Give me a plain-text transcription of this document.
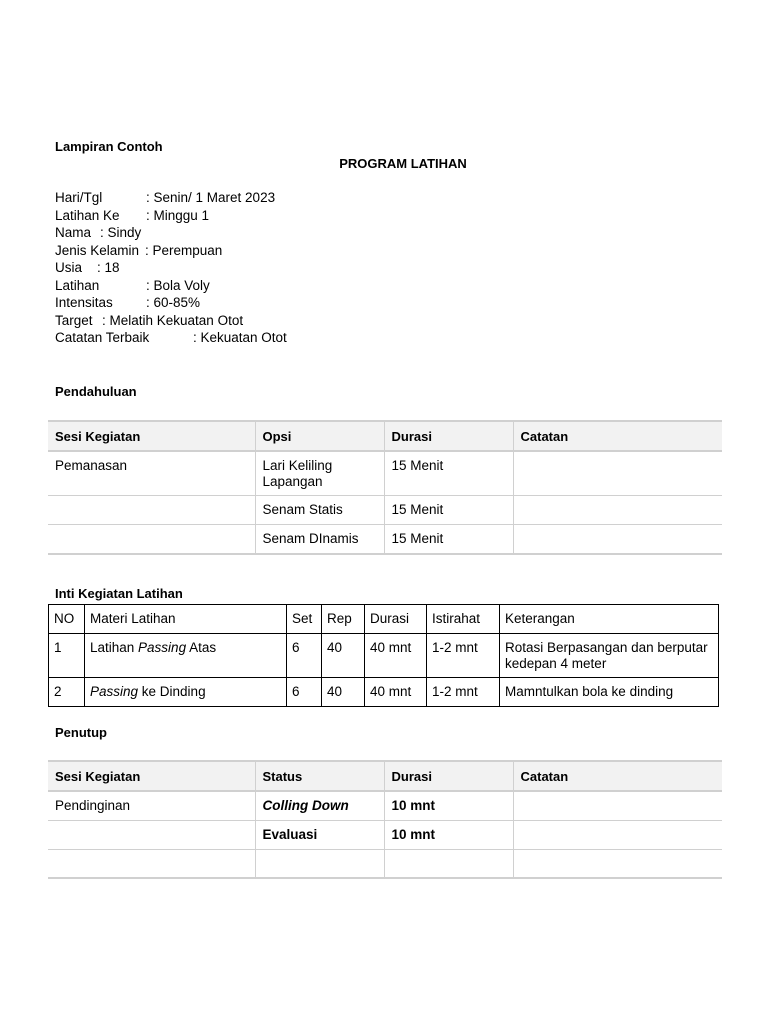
Lampiran Contoh
PROGRAM LATIHAN
Hari/Tgl	: Senin/ 1 Maret 2023
Latihan Ke : Minggu 1
Nama : Sindy
Jenis Kelamin : Perempuan
Usia : 18
Latihan	: Bola Voly
Intensitas : 60-85%
Target : Melatih Kekuatan Otot
Catatan Terbaik	: Kekuatan Otot
Pendahuluan
Sesi Kegiatan	Opsi	Durasi	Catatan
Pemanasan	Lari Keliling Lapangan	15 Menit	
	Senam Statis	15 Menit	
	Senam DInamis	15 Menit	
Inti Kegiatan Latihan
NO	Materi Latihan	Set	Rep	Durasi	Istirahat	Keterangan
1	Latihan Passing Atas	6	40	40 mnt	1-2 mnt	Rotasi Berpasangan dan berputar kedepan 4 meter
2	Passing ke Dinding	6	40	40 mnt	1-2 mnt	Mamntulkan bola ke dinding
Penutup
Sesi Kegiatan	Status	Durasi	Catatan
Pendinginan	Colling Down	10 mnt	
	Evaluasi	10 mnt	
